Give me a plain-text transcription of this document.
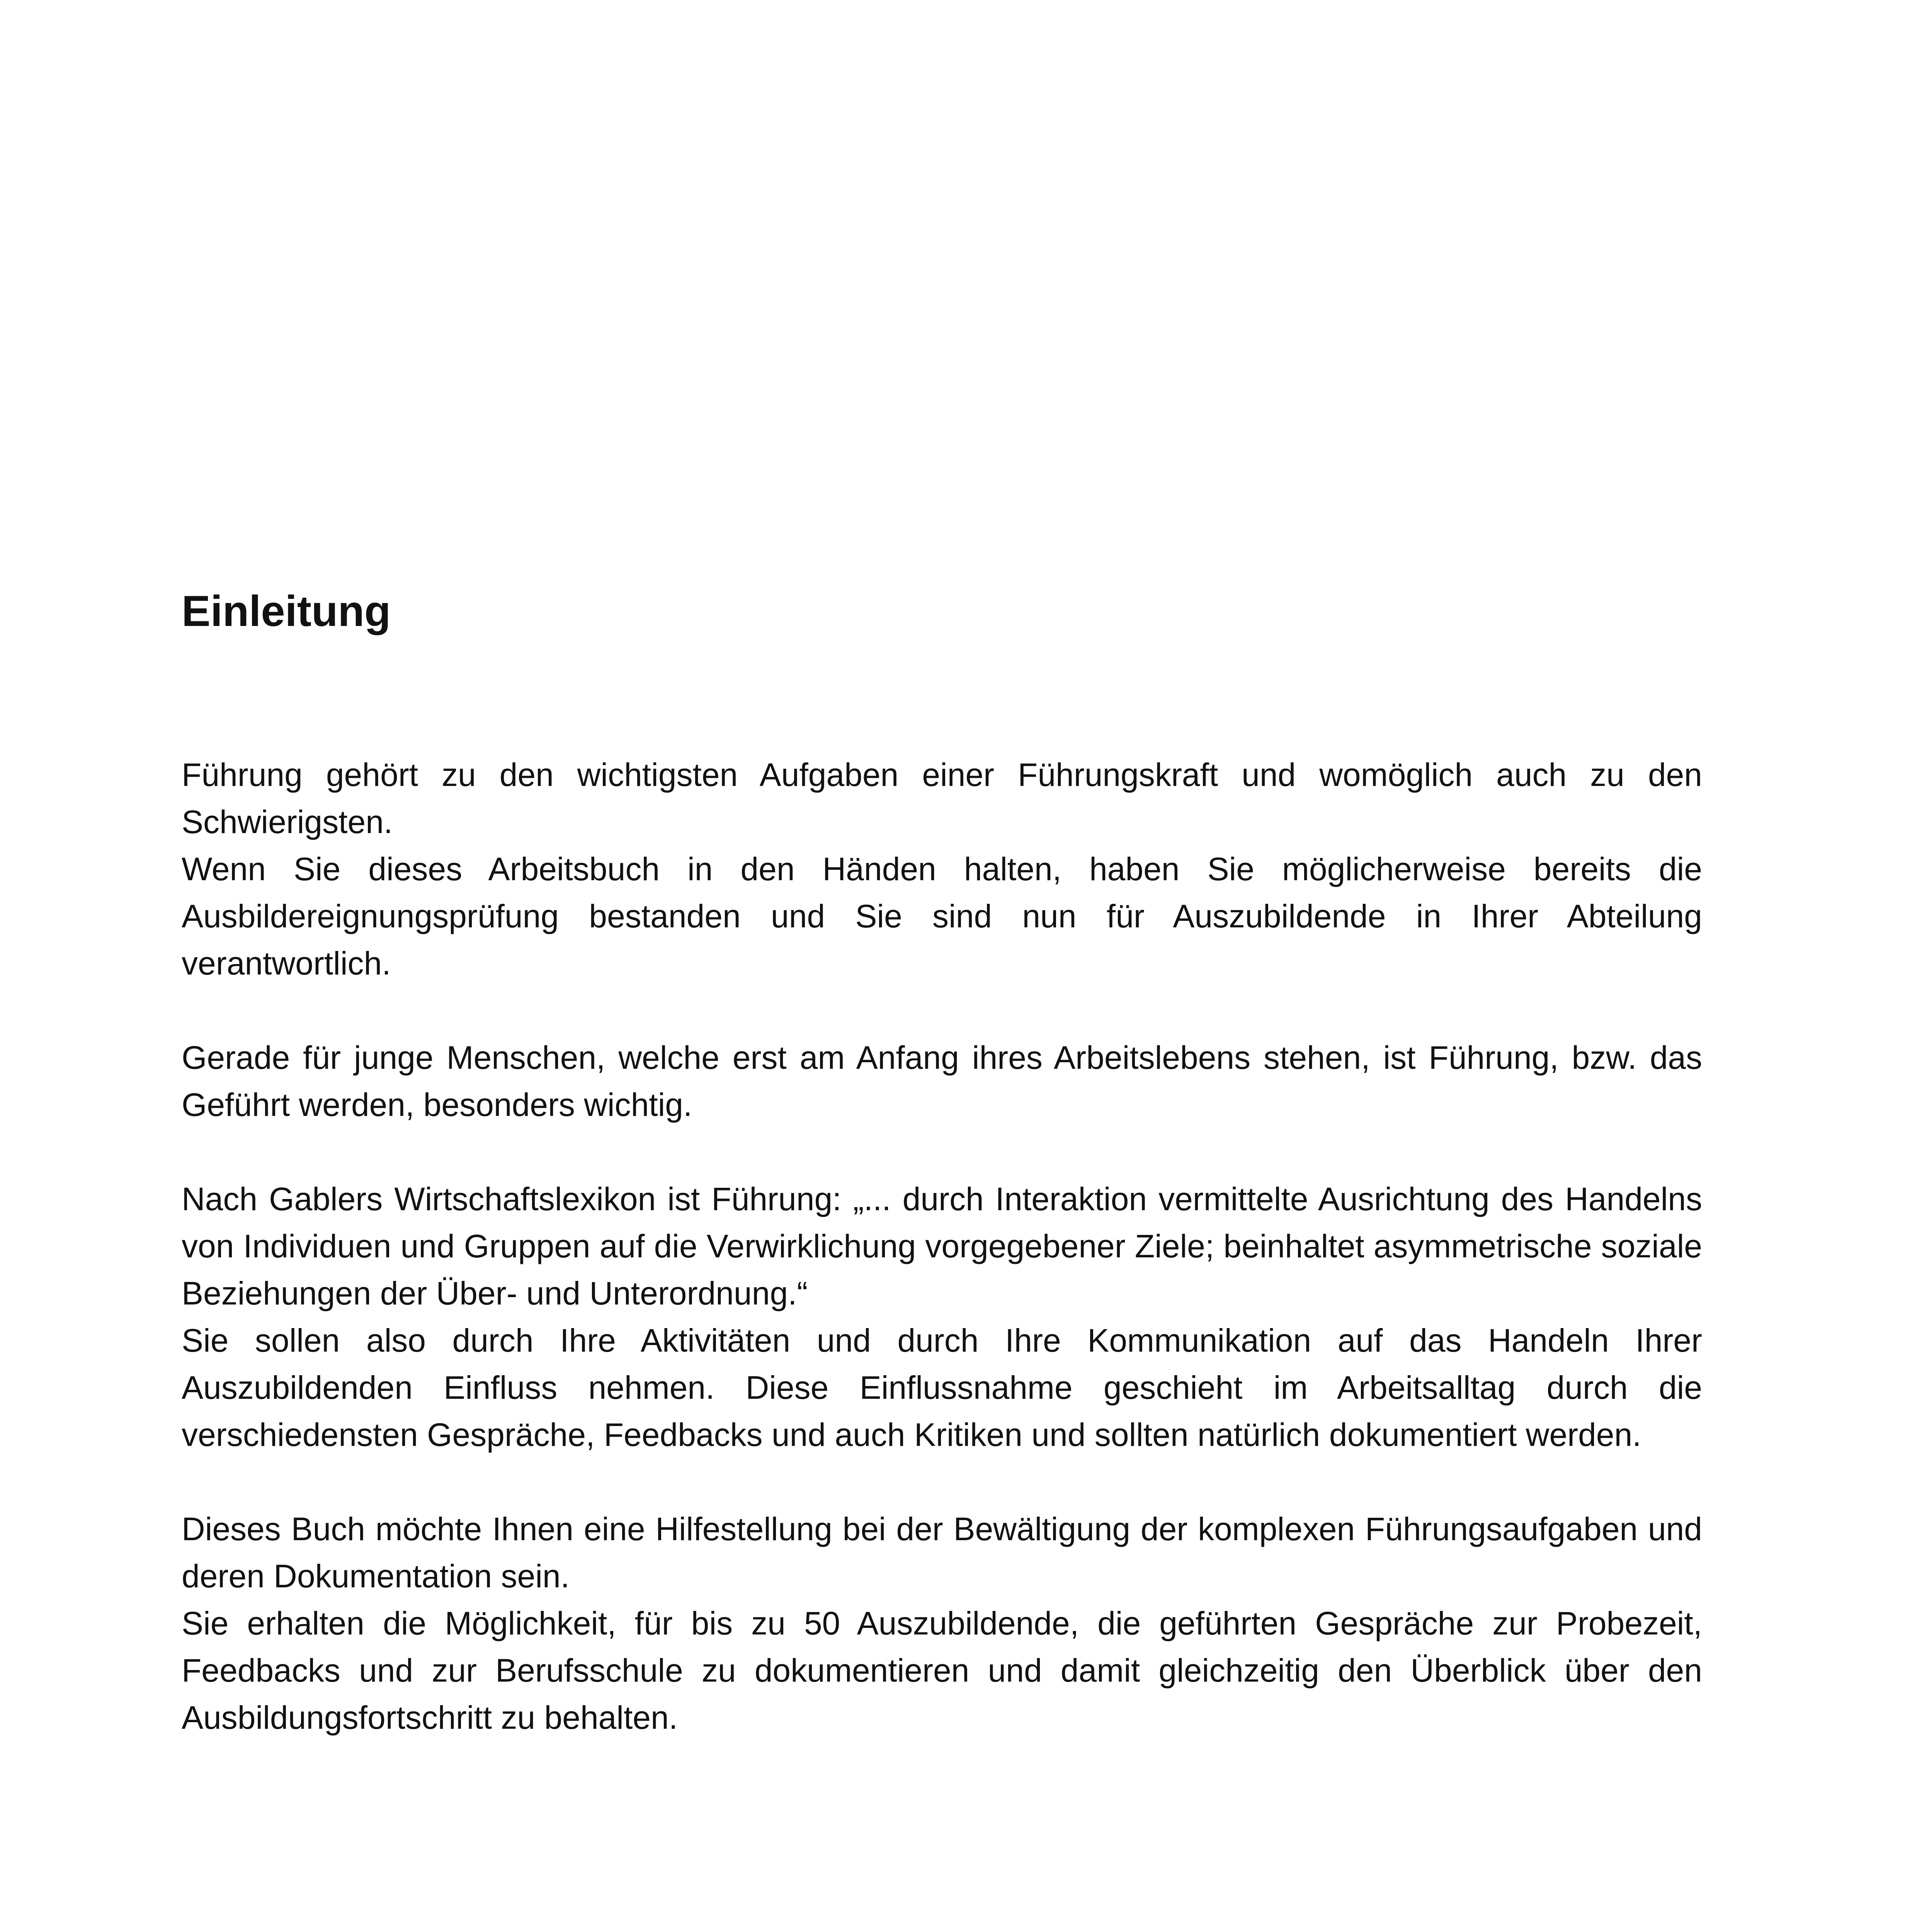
Einleitung

Führung gehört zu den wichtigsten Aufgaben einer Führungskraft und womöglich auch zu den Schwierigsten.

Wenn Sie dieses Arbeitsbuch in den Händen halten, haben Sie möglicherweise bereits die Ausbildereignungsprüfung bestanden und Sie sind nun für Auszubildende in Ihrer Abteilung verantwortlich.

Gerade für junge Menschen, welche erst am Anfang ihres Arbeitslebens stehen, ist Führung, bzw. das Geführt werden, besonders wichtig.

Nach Gablers Wirtschaftslexikon ist Führung: „... durch Interaktion vermittelte Ausrichtung des Handelns von Individuen und Gruppen auf die Verwirklichung vorgegebener Ziele; beinhaltet asymmetrische soziale Beziehungen der Über- und Unterordnung.“

Sie sollen also durch Ihre Aktivitäten und durch Ihre Kommunikation auf das Handeln Ihrer Auszubildenden Einfluss nehmen. Diese Einflussnahme geschieht im Arbeitsalltag durch die verschiedensten Gespräche, Feedbacks und auch Kritiken und sollten natürlich dokumentiert werden.

Dieses Buch möchte Ihnen eine Hilfestellung bei der Bewältigung der komplexen Führungsaufgaben und deren Dokumentation sein.

Sie erhalten die Möglichkeit, für bis zu 50 Auszubildende, die geführten Gespräche zur Probezeit, Feedbacks und zur Berufsschule zu dokumentieren und damit gleichzeitig den Überblick über den Ausbildungsfortschritt zu behalten.
